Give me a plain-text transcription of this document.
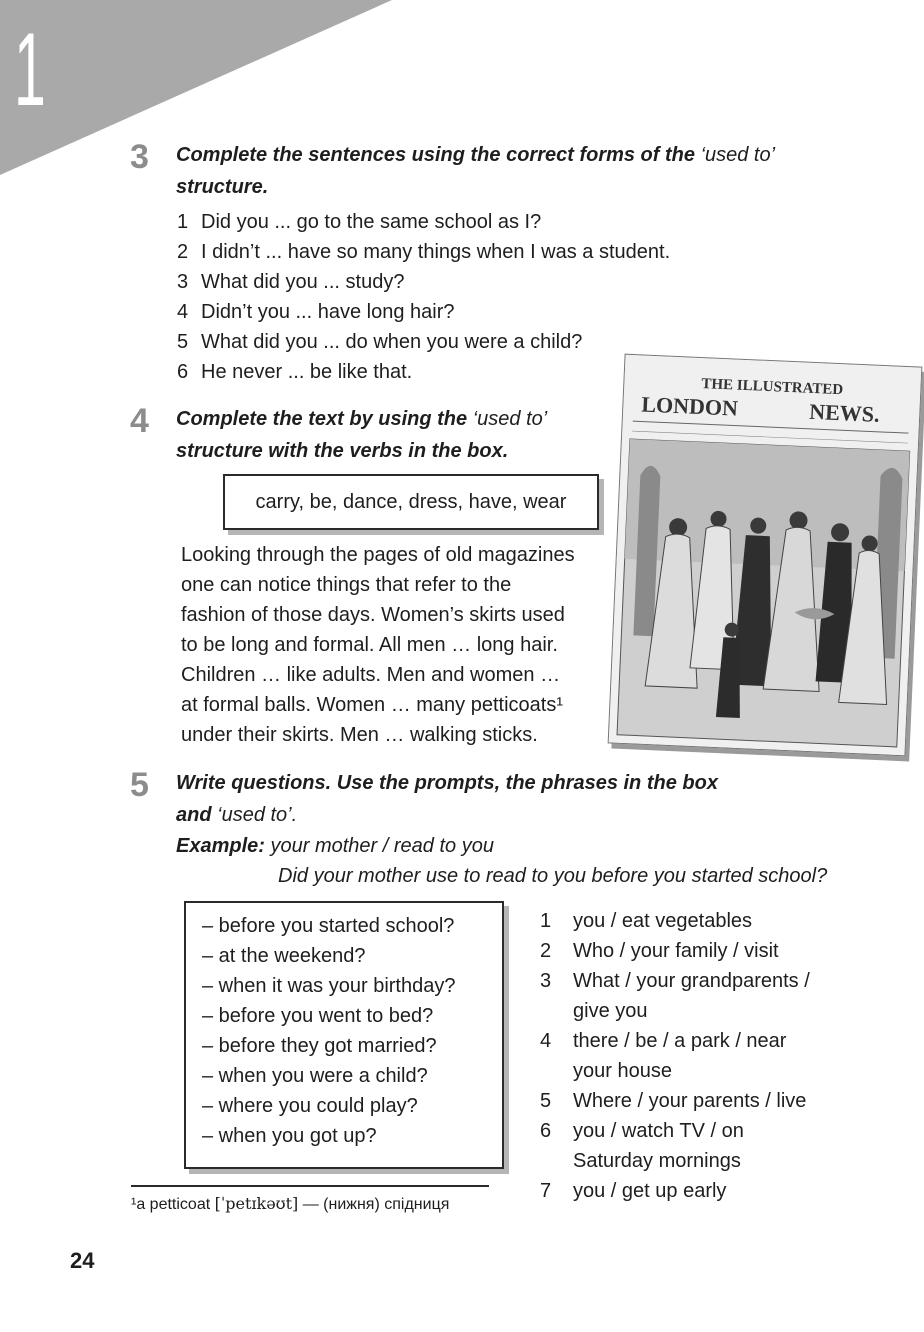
1
3 Complete the sentences using the correct forms of the ‘used to’
structure.
1 Did you ... go to the same school as I?
2 I didn’t ... have so many things when I was a student.
3 What did you ... study?
4 Didn’t you ... have long hair?
5 What did you ... do when you were a child?
6 He never ... be like that.
4 Complete the text by using the ‘used to’
structure with the verbs in the box.
carry, be, dance, dress, have, wear
Looking through the pages of old magazines
one can notice things that refer to the
fashion of those days. Women’s skirts used
to be long and formal. All men … long hair.
Children … like adults. Men and women …
at formal balls. Women … many petticoats¹
under their skirts. Men … walking sticks.
THE ILLUSTRATED
LONDON	NEWS.
5 Write questions. Use the prompts, the phrases in the box
and ‘used to’.
Example: your mother / read to you
Did your mother use to read to you before you started school?
– before you started school?
– at the weekend?
– when it was your birthday?
– before you went to bed?
– before they got married?
– when you were a child?
– where you could play?
– when you got up?
1	you / eat vegetables
2	Who / your family / visit
3	What / your grandparents /
give you
4	there / be / a park / near
your house
5	Where / your parents / live
6	you / watch TV / on
Saturday mornings
7	you / get up early
¹a petticoat [ˈpetɪkəʊt] — (нижня) спідниця
24
